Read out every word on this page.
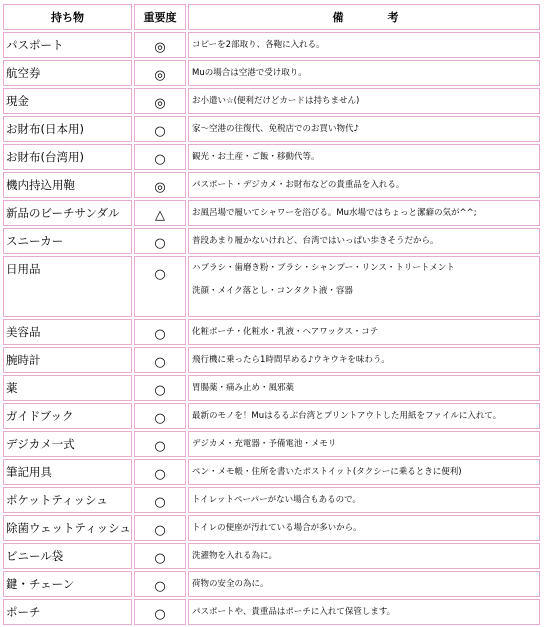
持ち物	重要度	備　　　　考
パスポート	◎	コピーを2部取り、各鞄に入れる。

航空券	◎	Muの場合は空港で受け取り。

現金	◎	お小遣い☆(便利だけどカードは持ちません)

お財布(日本用)	○	家～空港の往復代、免税店でのお買い物代♪

お財布(台湾用)	○	観光・お土産・ご飯・移動代等。

機内持込用鞄	◎	パスポート・デジカメ・お財布などの貴重品を入れる。

新品のビーチサンダル	△	お風呂場で履いてシャワーを浴びる。Mu水場ではちょっと潔癖の気が^^;

スニーカー	○	普段あまり履かないけれど、台湾ではいっぱい歩きそうだから。

日用品	○	ハブラシ・歯磨き粉・ブラシ・シャンプー・リンス・トリートメント
洗顔・メイク落とし・コンタクト液・容器

美容品	○	化粧ポーチ・化粧水・乳液・ヘアワックス・コテ

腕時計	○	飛行機に乗ったら1時間早める♪ウキウキを味わう。

薬	○	胃腸薬・痛み止め・風邪薬

ガイドブック	○	最新のモノを！Muはるるぶ台湾とプリントアウトした用紙をファイルに入れて。

デジカメ一式	○	デジカメ・充電器・予備電池・メモリ

筆記用具	○	ペン・メモ帳・住所を書いたポストイット(タクシーに乗るときに便利)

ポケットティッシュ	○	トイレットペーパーがない場合もあるので。

除菌ウェットティッシュ	○	トイレの便座が汚れている場合が多いから。

ビニール袋	○	洗濯物を入れる為に。

鍵・チェーン	○	荷物の安全の為に。

ポーチ	○	パスポートや、貴重品はポーチに入れて保管します。
